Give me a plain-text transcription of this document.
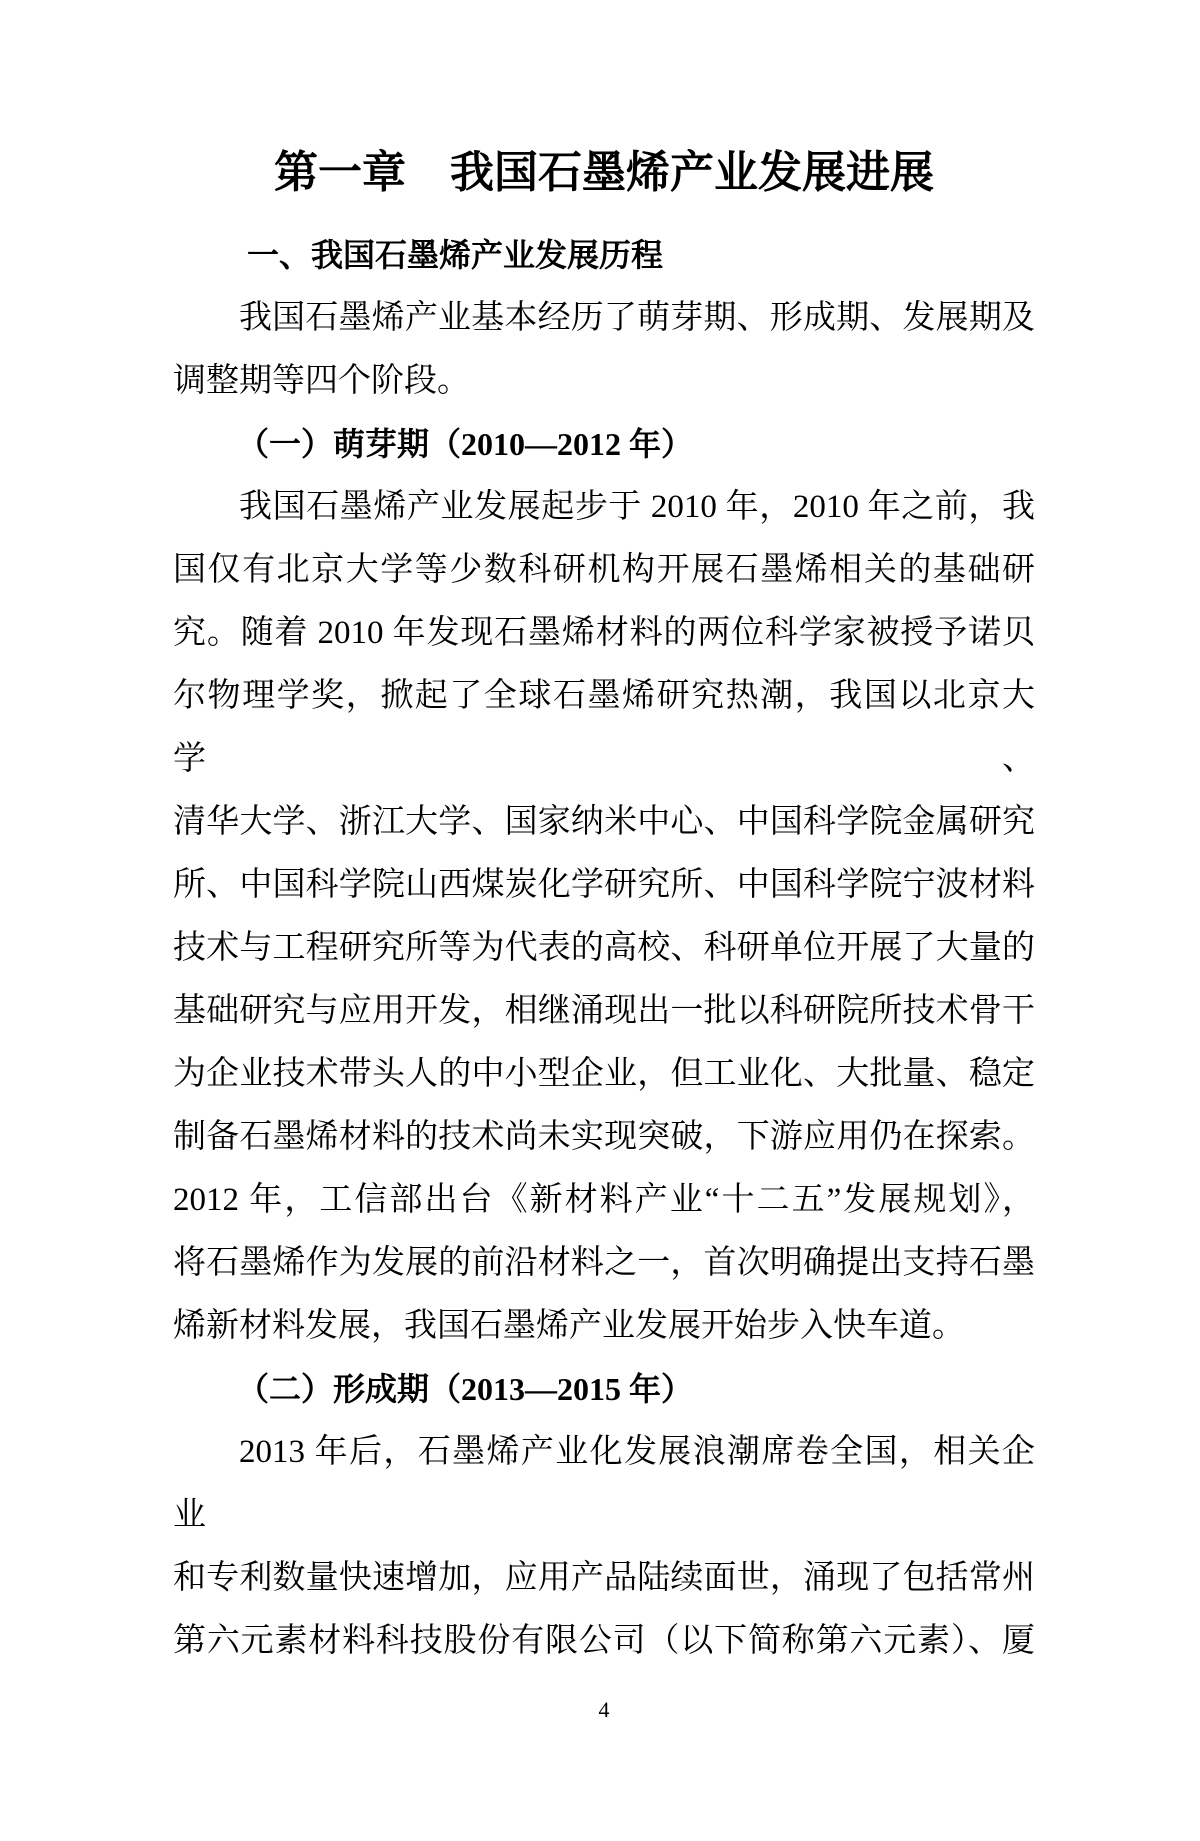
第一章　我国石墨烯产业发展进展
一、我国石墨烯产业发展历程
我国石墨烯产业基本经历了萌芽期、形成期、发展期及
调整期等四个阶段。
（一）萌芽期（2010—2012 年）
我国石墨烯产业发展起步于 2010 年，2010 年之前，我
国仅有北京大学等少数科研机构开展石墨烯相关的基础研
究。随着 2010 年发现石墨烯材料的两位科学家被授予诺贝
尔物理学奖，掀起了全球石墨烯研究热潮，我国以北京大学、
清华大学、浙江大学、国家纳米中心、中国科学院金属研究
所、中国科学院山西煤炭化学研究所、中国科学院宁波材料
技术与工程研究所等为代表的高校、科研单位开展了大量的
基础研究与应用开发，相继涌现出一批以科研院所技术骨干
为企业技术带头人的中小型企业，但工业化、大批量、稳定
制备石墨烯材料的技术尚未实现突破，下游应用仍在探索。
2012 年，工信部出台《新材料产业“十二五”发展规划》，
将石墨烯作为发展的前沿材料之一，首次明确提出支持石墨
烯新材料发展，我国石墨烯产业发展开始步入快车道。
（二）形成期（2013—2015 年）
2013 年后，石墨烯产业化发展浪潮席卷全国，相关企业
和专利数量快速增加，应用产品陆续面世，涌现了包括常州
第六元素材料科技股份有限公司（以下简称第六元素）、厦
4
